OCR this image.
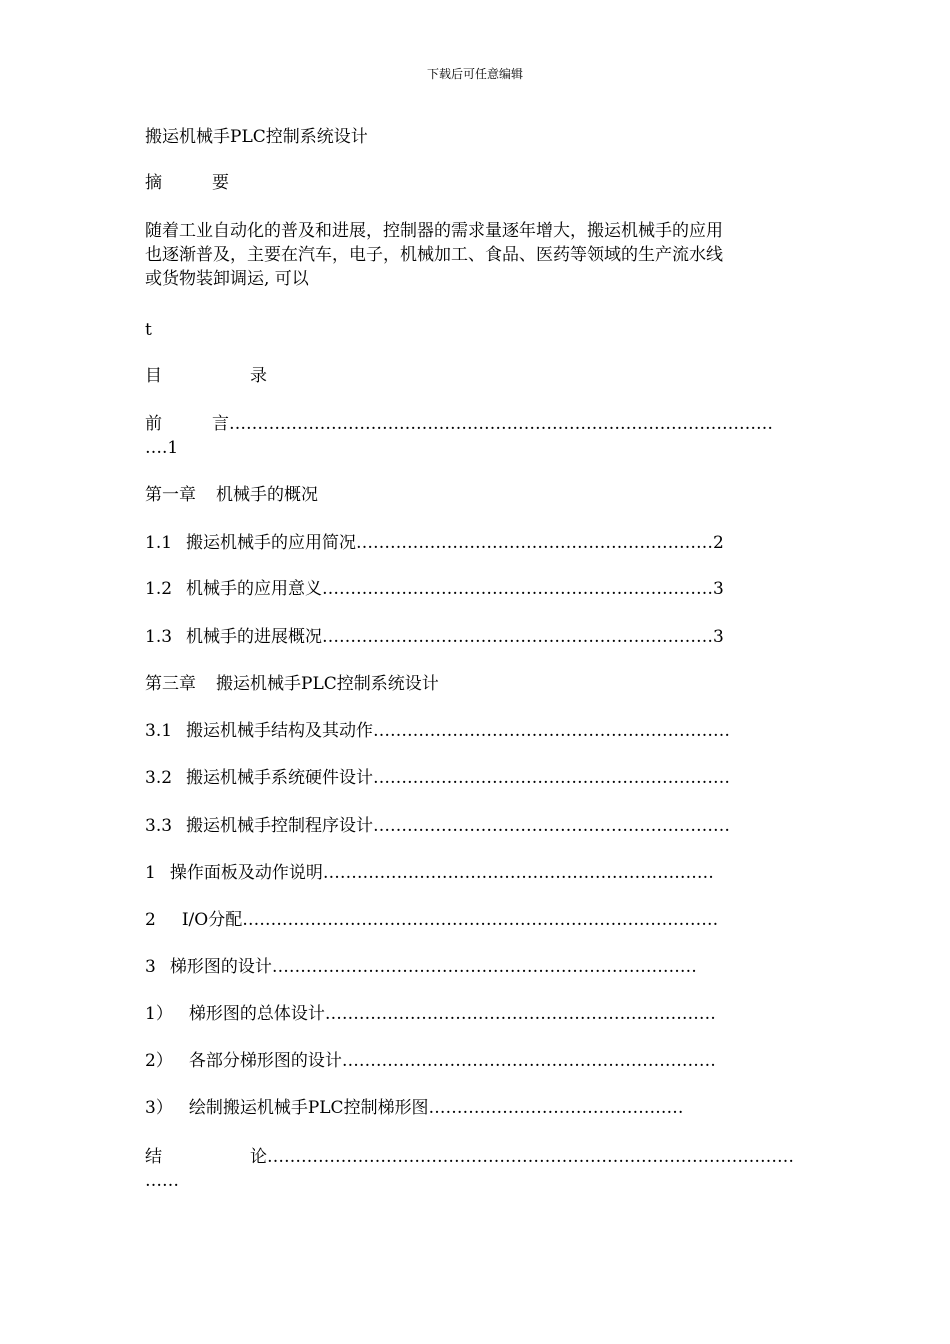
下载后可任意编辑
搬运机械手PLC控制系统设计
摘	要

随着工业自动化的普及和进展，控制器的需求量逐年增大，搬运机械手的应用

也逐渐普及，主要在汽车，电子，机械加工、食品、医药等领域的生产流水线

或货物装卸调运, 可以

t
目	录
前	言……………………………………………………………………………………
….1
第一章 机械手的概况
1.1 搬运机械手的应用简况………………………………………………………2
1.2 机械手的应用意义……………………………………………………………3
1.3 机械手的进展概况……………………………………………………………3
第三章 搬运机械手PLC控制系统设计
3.1 搬运机械手结构及其动作………………………………………………………
3.2 搬运机械手系统硬件设计………………………………………………………
3.3 搬运机械手控制程序设计………………………………………………………
1 操作面板及动作说明……………………………………………………………
2 I/O分配…………………………………………………………………………
3 梯形图的设计…………………………………………………………………
1） 梯形图的总体设计……………………………………………………………
2） 各部分梯形图的设计…………………………………………………………
3） 绘制搬运机械手PLC控制梯形图………………………………………
结	论…………………………………………………………………………………
……
